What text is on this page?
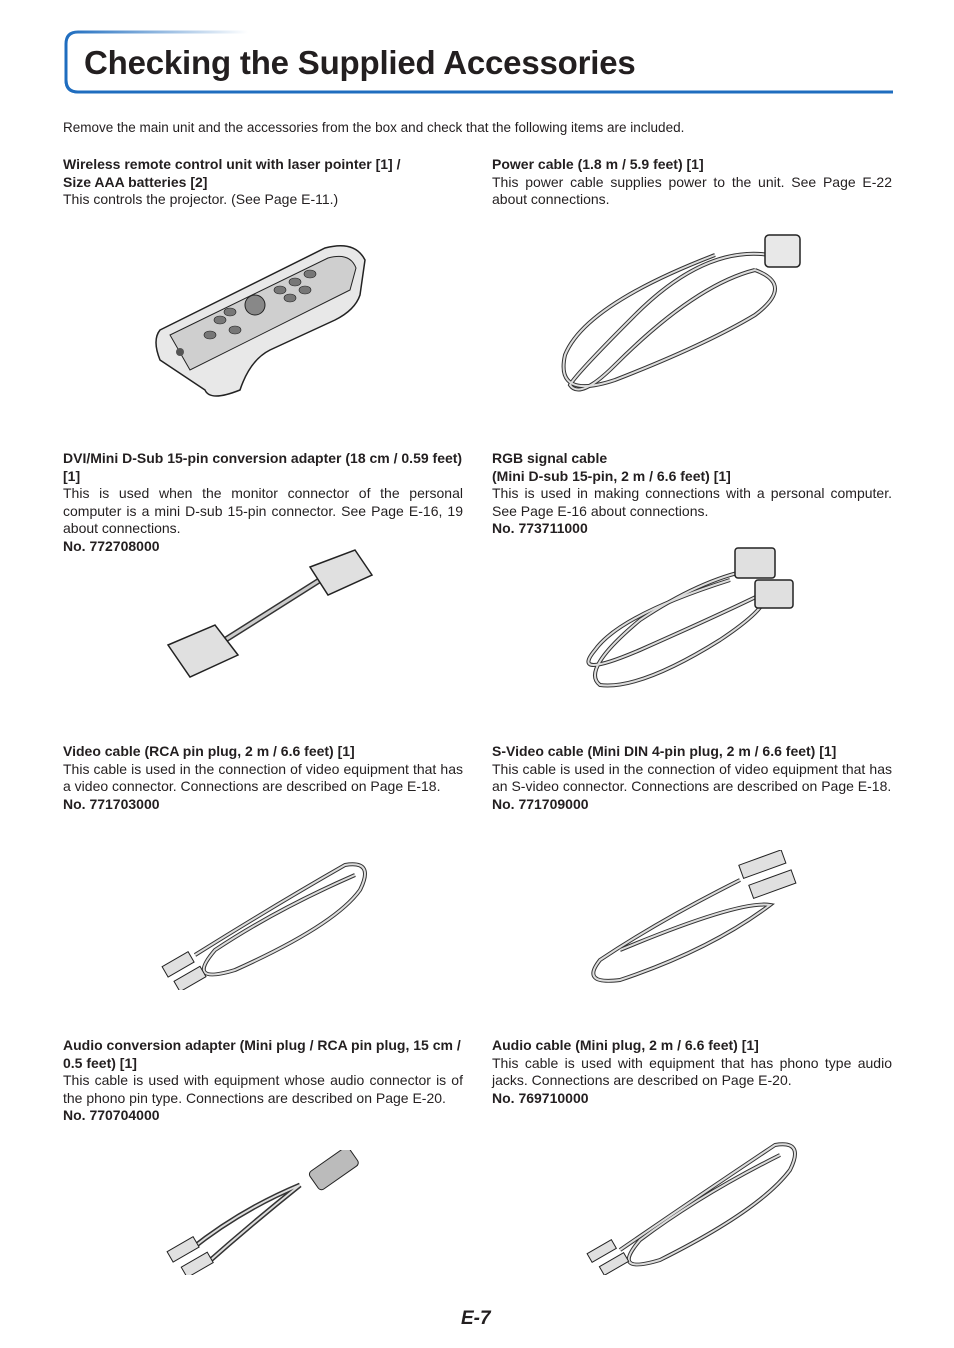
Checking the Supplied Accessories
Remove the main unit and the accessories from the box and check that the following items are included.
Wireless remote control unit with laser pointer [1] /
Size AAA batteries [2]
This controls the projector. (See Page E-11.)
Power cable (1.8 m / 5.9 feet) [1]
This power cable supplies power to the unit. See Page E-22 about connections.
DVI/Mini D-Sub 15-pin conversion adapter (18 cm / 0.59 feet) [1]
This is used when the monitor connector of the personal computer is a mini D-sub 15-pin connector. See Page E-16, 19 about connections.
No. 772708000
RGB signal cable
(Mini D-sub 15-pin, 2 m / 6.6 feet) [1]
This is used in making connections with a personal computer. See Page E-16 about connections.
No. 773711000
Video cable (RCA pin plug, 2 m / 6.6 feet) [1]
This cable is used in the connection of video equipment that has a video connector. Connections are described on Page E-18.
No. 771703000
S-Video cable (Mini DIN 4-pin plug, 2 m / 6.6 feet) [1]
This cable is used in the connection of video equipment that has an S-video connector. Connections are described on Page E-18.
No. 771709000
Audio conversion adapter (Mini plug / RCA pin plug, 15 cm / 0.5 feet) [1]
This cable is used with equipment whose audio connector is of the phono pin type. Connections are described on Page E-20.
No. 770704000
Audio cable (Mini plug, 2 m / 6.6 feet) [1]
This cable is used with equipment that has phono type audio jacks. Connections are described on Page E-20.
No. 769710000
E-7
